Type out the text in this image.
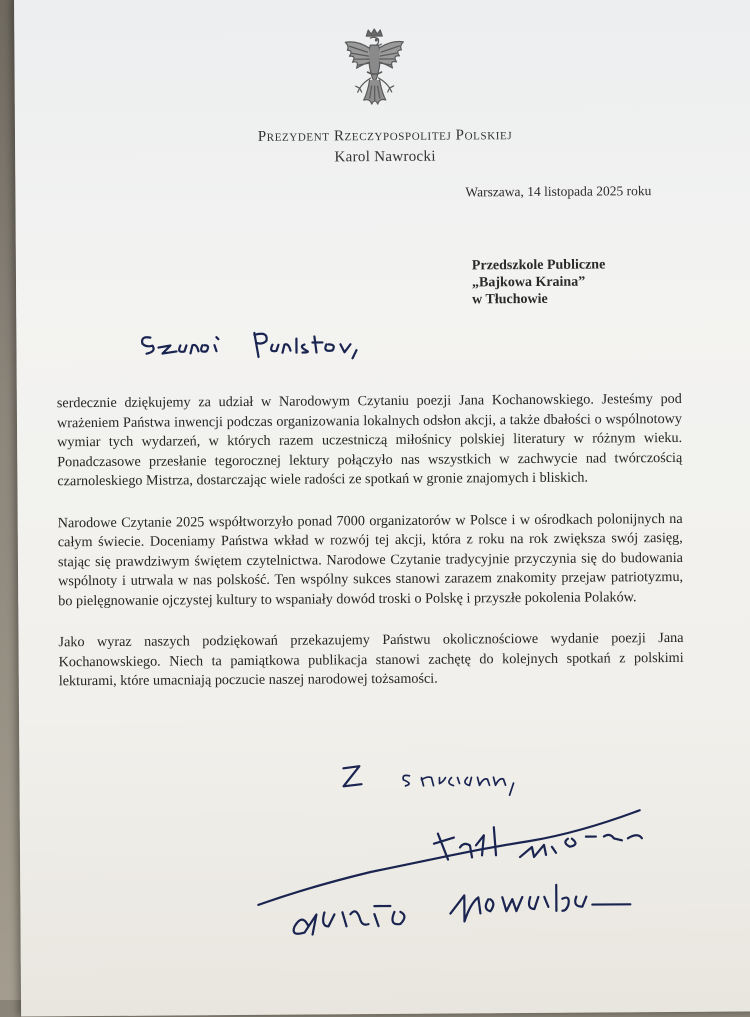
Prezydent Rzeczypospolitej Polskiej
Karol Nawrocki
Warszawa, 14 listopada 2025 roku
Przedszkole Publiczne
„Bajkowa Kraina”
w Tłuchowie

serdecznie dziękujemy za udział w Narodowym Czytaniu poezji Jana Kochanowskiego. Jesteśmy pod wrażeniem Państwa inwencji podczas organizowania lokalnych odsłon akcji, a także dbałości o wspólnotowy wymiar tych wydarzeń, w których razem uczestniczą miłośnicy polskiej literatury w różnym wieku. Ponadczasowe przesłanie tegorocznej lektury połączyło nas wszystkich w zachwycie nad twórczością czarnoleskiego Mistrza, dostarczając wiele radości ze spotkań w gronie znajomych i bliskich.

Narodowe Czytanie 2025 współtworzyło ponad 7000 organizatorów w Polsce i w ośrodkach polonijnych na całym świecie. Doceniamy Państwa wkład w rozwój tej akcji, która z roku na rok zwiększa swój zasięg, stając się prawdziwym świętem czytelnictwa. Narodowe Czytanie tradycyjnie przyczynia się do budowania wspólnoty i utrwala w nas polskość. Ten wspólny sukces stanowi zarazem znakomity przejaw patriotyzmu, bo pielęgnowanie ojczystej kultury to wspaniały dowód troski o Polskę i przyszłe pokolenia Polaków.

Jako wyraz naszych podziękowań przekazujemy Państwu okolicznościowe wydanie poezji Jana Kochanowskiego. Niech ta pamiątkowa publikacja stanowi zachętę do kolejnych spotkań z polskimi lekturami, które umacniają poczucie naszej narodowej tożsamości.
